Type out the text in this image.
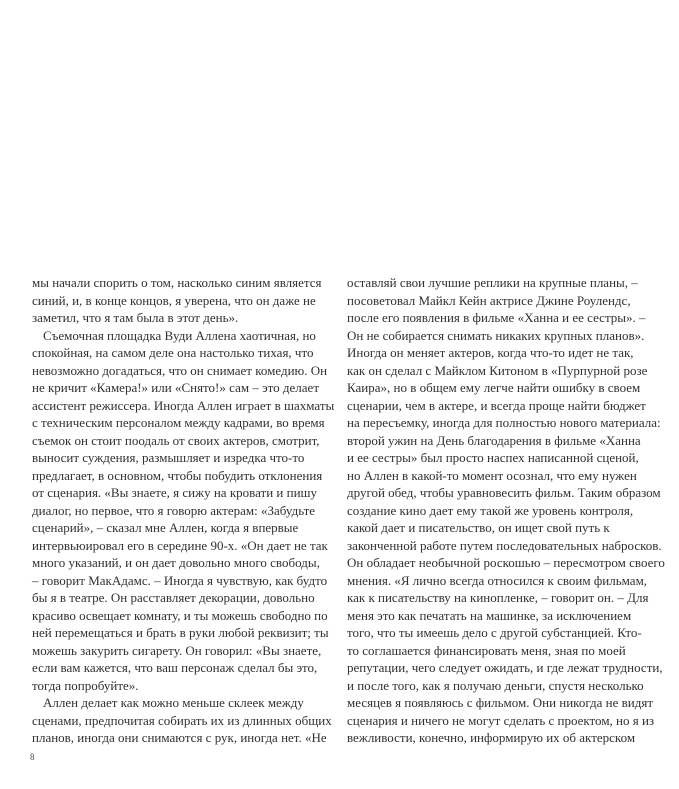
мы начали спорить о том, насколько синим является
синий, и, в конце концов, я уверена, что он даже не
заметил, что я там была в этот день».
Съемочная площадка Вуди Аллена хаотичная, но
спокойная, на самом деле она настолько тихая, что
невозможно догадаться, что он снимает комедию. Он
не кричит «Камера!» или «Снято!» сам – это делает
ассистент режиссера. Иногда Аллен играет в шахматы
с техническим персоналом между кадрами, во время
съемок он стоит поодаль от своих актеров, смотрит,
выносит суждения, размышляет и изредка что-то
предлагает, в основном, чтобы побудить отклонения
от сценария. «Вы знаете, я сижу на кровати и пишу
диалог, но первое, что я говорю актерам: «Забудьте
сценарий», – сказал мне Аллен, когда я впервые
интервьюировал его в середине 90-х. «Он дает не так
много указаний, и он дает довольно много свободы,
– говорит МакАдамс. – Иногда я чувствую, как будто
бы я в театре. Он расставляет декорации, довольно
красиво освещает комнату, и ты можешь свободно по
ней перемещаться и брать в руки любой реквизит; ты
можешь закурить сигарету. Он говорил: «Вы знаете,
если вам кажется, что ваш персонаж сделал бы это,
тогда попробуйте».
Аллен делает как можно меньше склеек между
сценами, предпочитая собирать их из длинных общих
планов, иногда они снимаются с рук, иногда нет. «Не
оставляй свои лучшие реплики на крупные планы, –
посоветовал Майкл Кейн актрисе Джине Роулендс,
после его появления в фильме «Ханна и ее сестры». –
Он не собирается снимать никаких крупных планов».
Иногда он меняет актеров, когда что-то идет не так,
как он сделал с Майклом Китоном в «Пурпурной розе
Каира», но в общем ему легче найти ошибку в своем
сценарии, чем в актере, и всегда проще найти бюджет
на пересъемку, иногда для полностью нового материала:
второй ужин на День благодарения в фильме «Ханна
и ее сестры» был просто наспех написанной сценой,
но Аллен в какой-то момент осознал, что ему нужен
другой обед, чтобы уравновесить фильм. Таким образом
создание кино дает ему такой же уровень контроля,
какой дает и писательство, он ищет свой путь к
законченной работе путем последовательных набросков.
Он обладает необычной роскошью – пересмотром своего
мнения. «Я лично всегда относился к своим фильмам,
как к писательству на кинопленке, – говорит он. – Для
меня это как печатать на машинке, за исключением
того, что ты имеешь дело с другой субстанцией. Кто-
то соглашается финансировать меня, зная по моей
репутации, чего следует ожидать, и где лежат трудности,
и после того, как я получаю деньги, спустя несколько
месяцев я появляюсь с фильмом. Они никогда не видят
сценария и ничего не могут сделать с проектом, но я из
вежливости, конечно, информирую их об актерском
8
